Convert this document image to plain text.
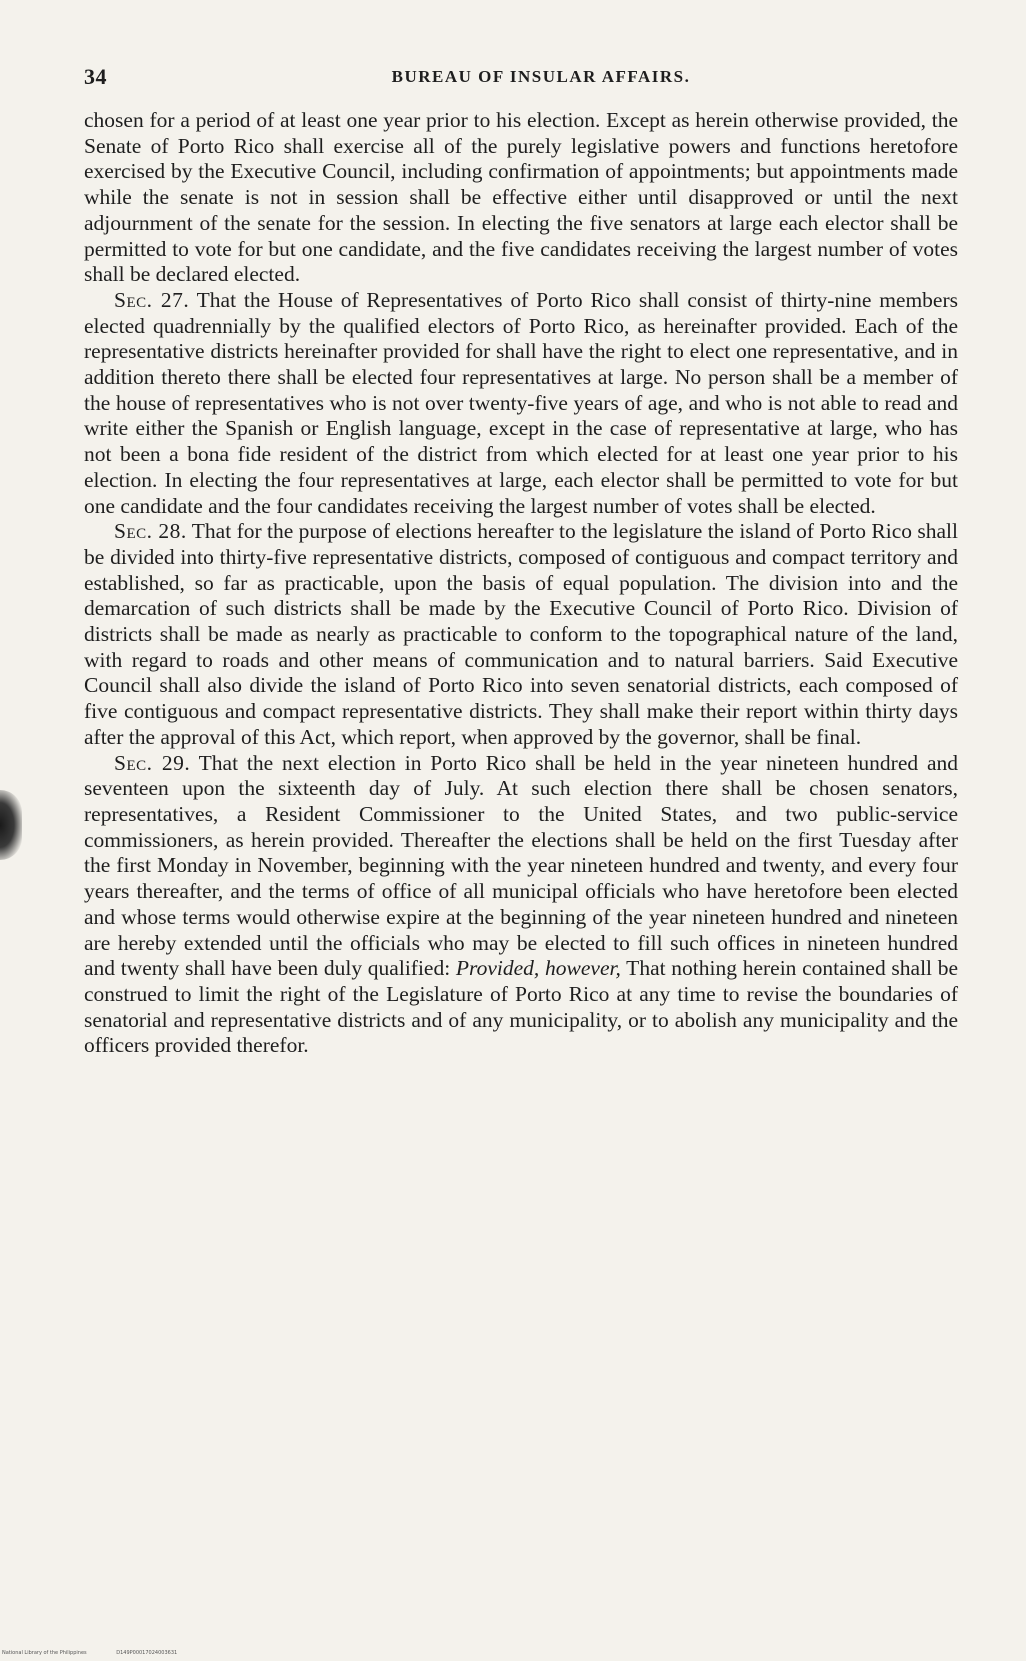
34	BUREAU OF INSULAR AFFAIRS.

chosen for a period of at least one year prior to his election. Except as herein otherwise provided, the Senate of Porto Rico shall exercise all of the purely legislative powers and functions heretofore exercised by the Executive Council, including confirmation of appointments; but appointments made while the senate is not in session shall be effective either until disapproved or until the next adjournment of the senate for the session. In electing the five senators at large each elector shall be permitted to vote for but one candidate, and the five candidates receiving the largest number of votes shall be declared elected.

Sec. 27. That the House of Representatives of Porto Rico shall consist of thirty-nine members elected quadrennially by the qualified electors of Porto Rico, as hereinafter provided. Each of the representative districts hereinafter provided for shall have the right to elect one representative, and in addition thereto there shall be elected four representatives at large. No person shall be a member of the house of representatives who is not over twenty-five years of age, and who is not able to read and write either the Spanish or English language, except in the case of representative at large, who has not been a bona fide resident of the district from which elected for at least one year prior to his election. In electing the four representatives at large, each elector shall be permitted to vote for but one candidate and the four candidates receiving the largest number of votes shall be elected.

Sec. 28. That for the purpose of elections hereafter to the legislature the island of Porto Rico shall be divided into thirty-five representative districts, composed of contiguous and compact territory and established, so far as practicable, upon the basis of equal population. The division into and the demarcation of such districts shall be made by the Executive Council of Porto Rico. Division of districts shall be made as nearly as practicable to conform to the topographical nature of the land, with regard to roads and other means of communication and to natural barriers. Said Executive Council shall also divide the island of Porto Rico into seven senatorial districts, each composed of five contiguous and compact representative districts. They shall make their report within thirty days after the approval of this Act, which report, when approved by the governor, shall be final.

Sec. 29. That the next election in Porto Rico shall be held in the year nineteen hundred and seventeen upon the sixteenth day of July. At such election there shall be chosen senators, representatives, a Resident Commissioner to the United States, and two public-service commissioners, as herein provided. Thereafter the elections shall be held on the first Tuesday after the first Monday in November, beginning with the year nineteen hundred and twenty, and every four years thereafter, and the terms of office of all municipal officials who have heretofore been elected and whose terms would otherwise expire at the beginning of the year nineteen hundred and nineteen are hereby extended until the officials who may be elected to fill such offices in nineteen hundred and twenty shall have been duly qualified: Provided, however, That nothing herein contained shall be construed to limit the right of the Legislature of Porto Rico at any time to revise the boundaries of senatorial and representative districts and of any municipality, or to abolish any municipality and the officers provided therefor.

National Library of the Philippines	D149P00017024003631
